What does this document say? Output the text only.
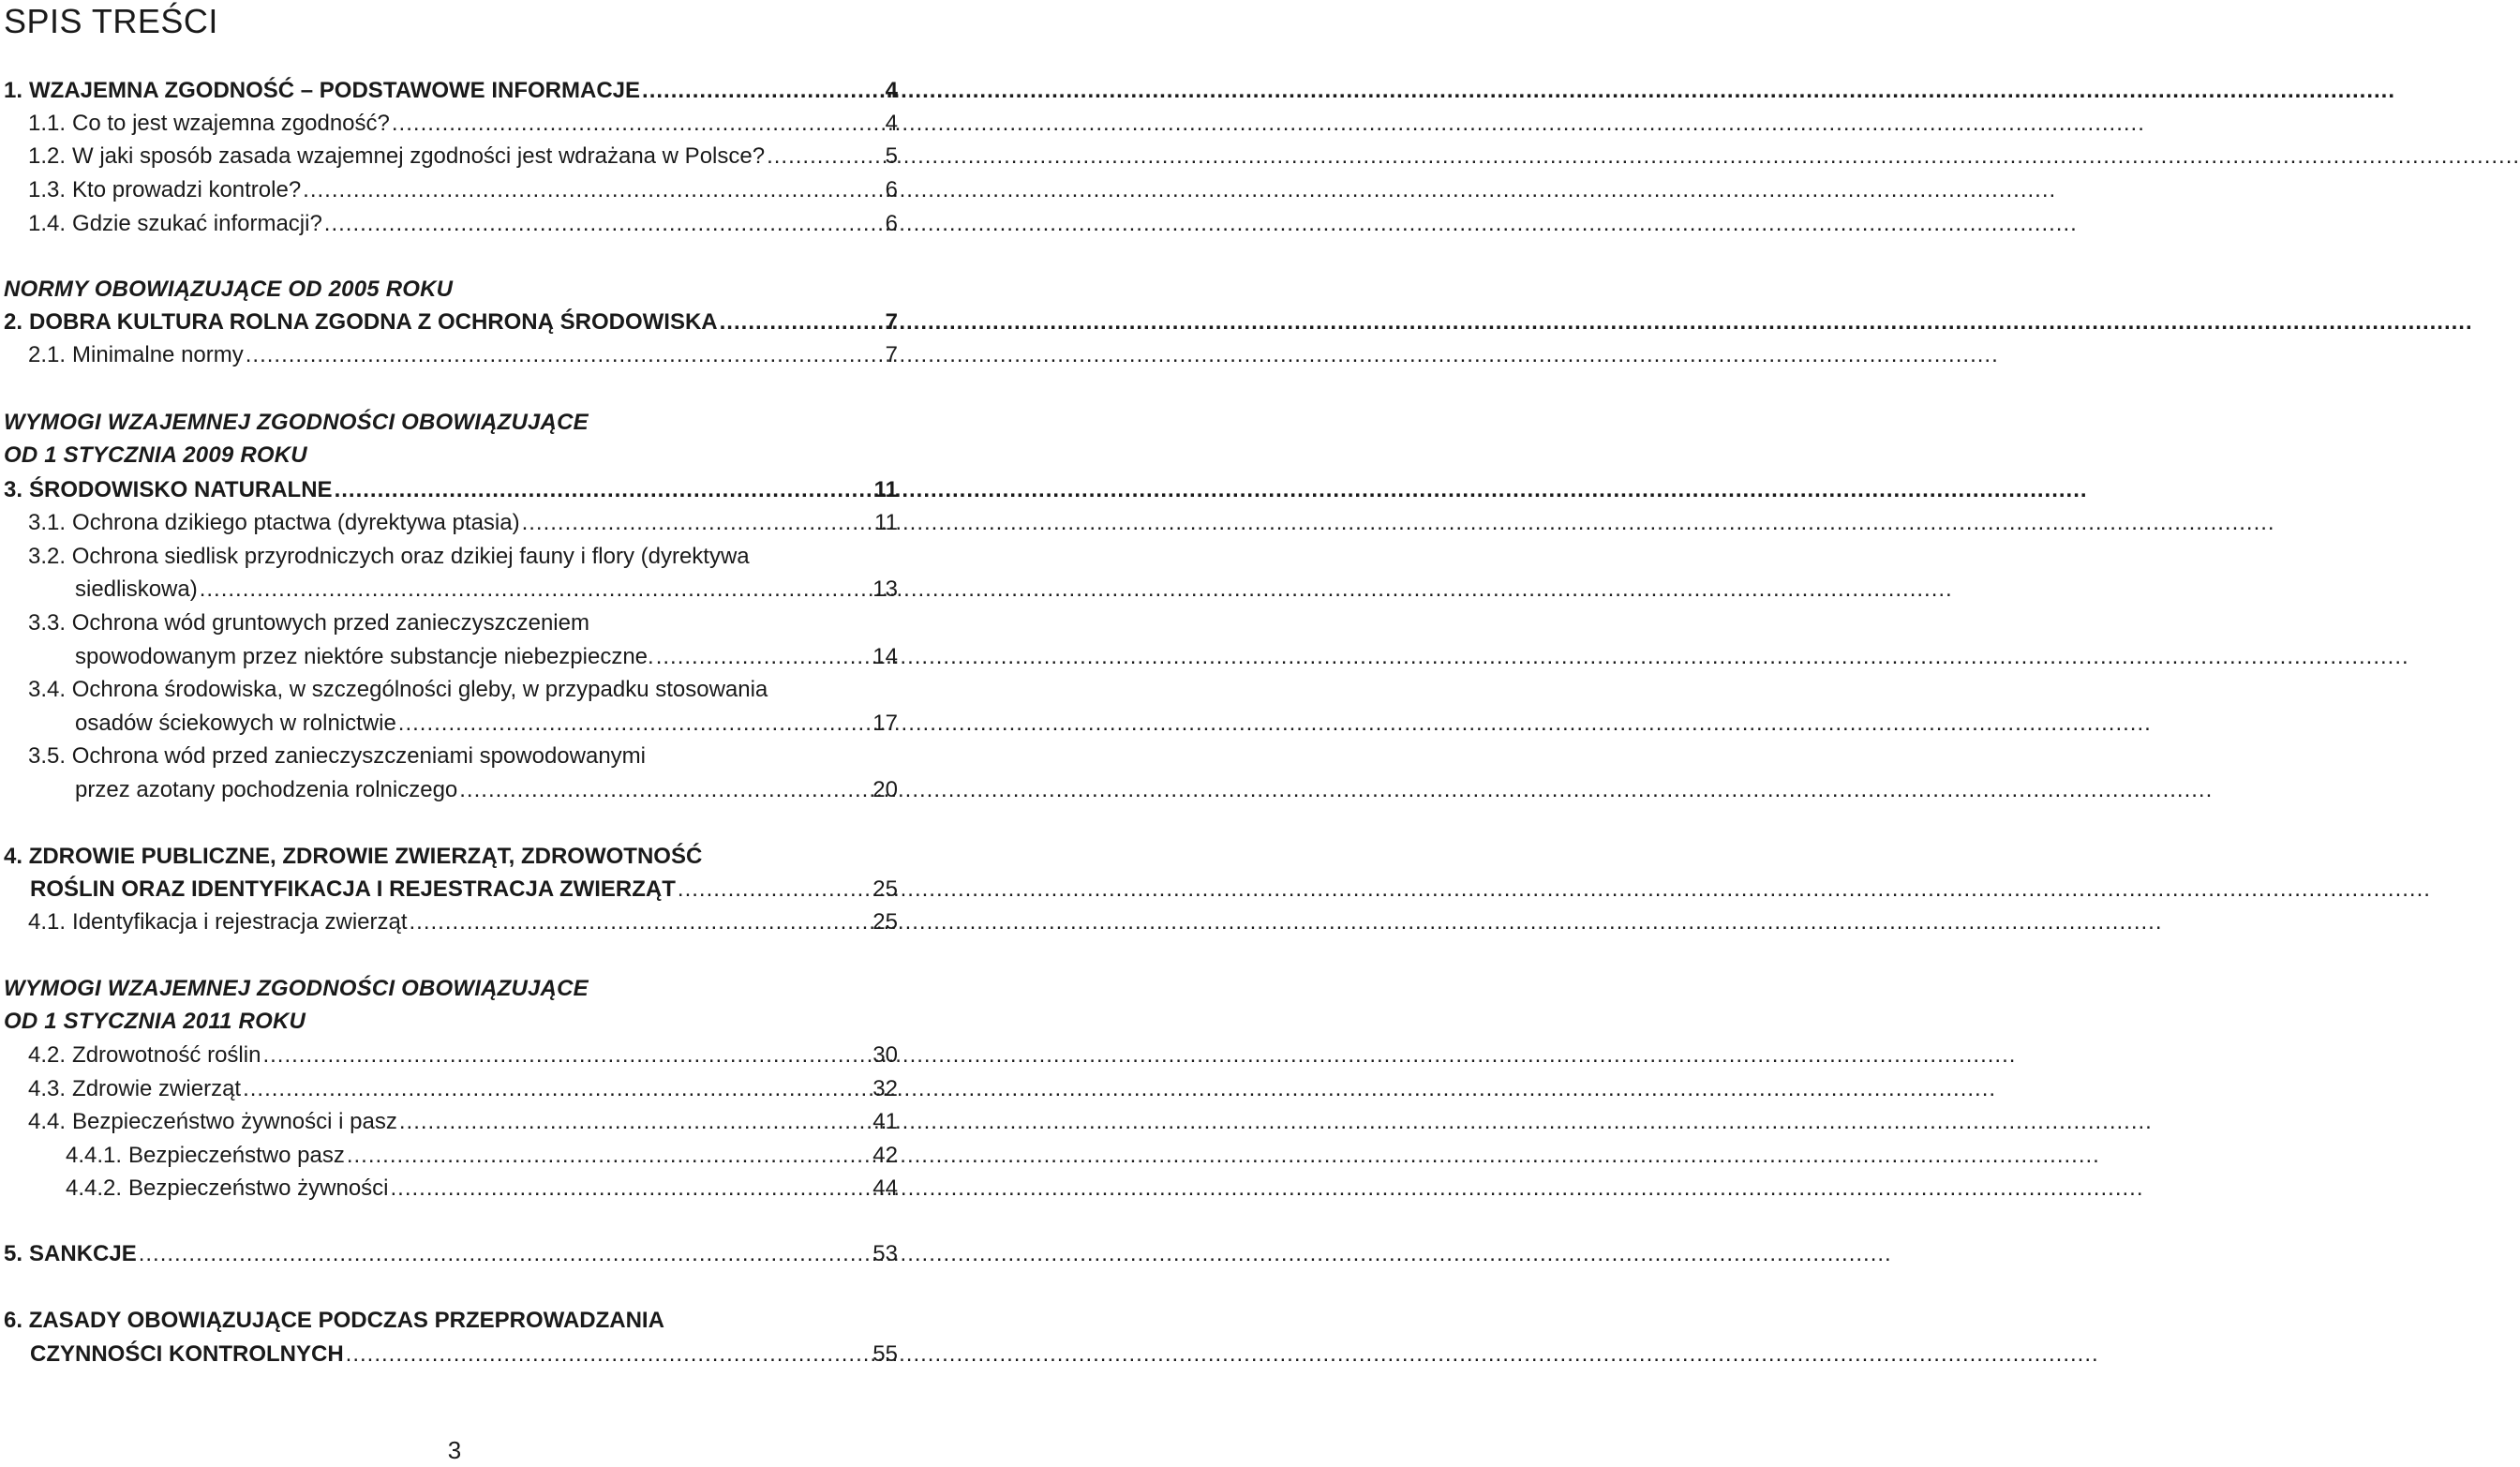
SPIS TREŚCI
1. WZAJEMNA ZGODNOŚĆ – PODSTAWOWE INFORMACJE .....	4
1.1. Co to jest wzajemna zgodność? .....	4
1.2. W jaki sposób zasada wzajemnej zgodności jest wdrażana w Polsce? .....	5
1.3. Kto prowadzi kontrole? .....	6
1.4. Gdzie szukać informacji? .....	6
NORMY OBOWIĄZUJĄCE OD 2005 ROKU
2. DOBRA KULTURA ROLNA ZGODNA Z OCHRONĄ ŚRODOWISKA .....	7
2.1. Minimalne normy .....	7
WYMOGI WZAJEMNEJ ZGODNOŚCI OBOWIĄZUJĄCE
OD 1 STYCZNIA 2009 ROKU
3. ŚRODOWISKO NATURALNE .....	11
3.1. Ochrona dzikiego ptactwa (dyrektywa ptasia) .....	11
3.2. Ochrona siedlisk przyrodniczych oraz dzikiej fauny i flory (dyrektywa
siedliskowa) .....	13
3.3. Ochrona wód gruntowych przed zanieczyszczeniem
spowodowanym przez niektóre substancje niebezpieczne. .....	14
3.4. Ochrona środowiska, w szczególności gleby, w przypadku stosowania
osadów ściekowych w rolnictwie .....	17
3.5. Ochrona wód przed zanieczyszczeniami spowodowanymi
przez azotany pochodzenia rolniczego .....	20
4. ZDROWIE PUBLICZNE, ZDROWIE ZWIERZĄT, ZDROWOTNOŚĆ
ROŚLIN ORAZ IDENTYFIKACJA I REJESTRACJA ZWIERZĄT .....	25
4.1. Identyfikacja i rejestracja zwierząt .....	25
WYMOGI WZAJEMNEJ ZGODNOŚCI OBOWIĄZUJĄCE
OD 1 STYCZNIA 2011 ROKU
4.2. Zdrowotność roślin .....	30
4.3. Zdrowie zwierząt .....	32
4.4. Bezpieczeństwo żywności i pasz .....	41
4.4.1. Bezpieczeństwo pasz .....	42
4.4.2. Bezpieczeństwo żywności .....	44
5. SANKCJE .....	53
6. ZASADY OBOWIĄZUJĄCE PODCZAS PRZEPROWADZANIA
CZYNNOŚCI KONTROLNYCH .....	55
3
